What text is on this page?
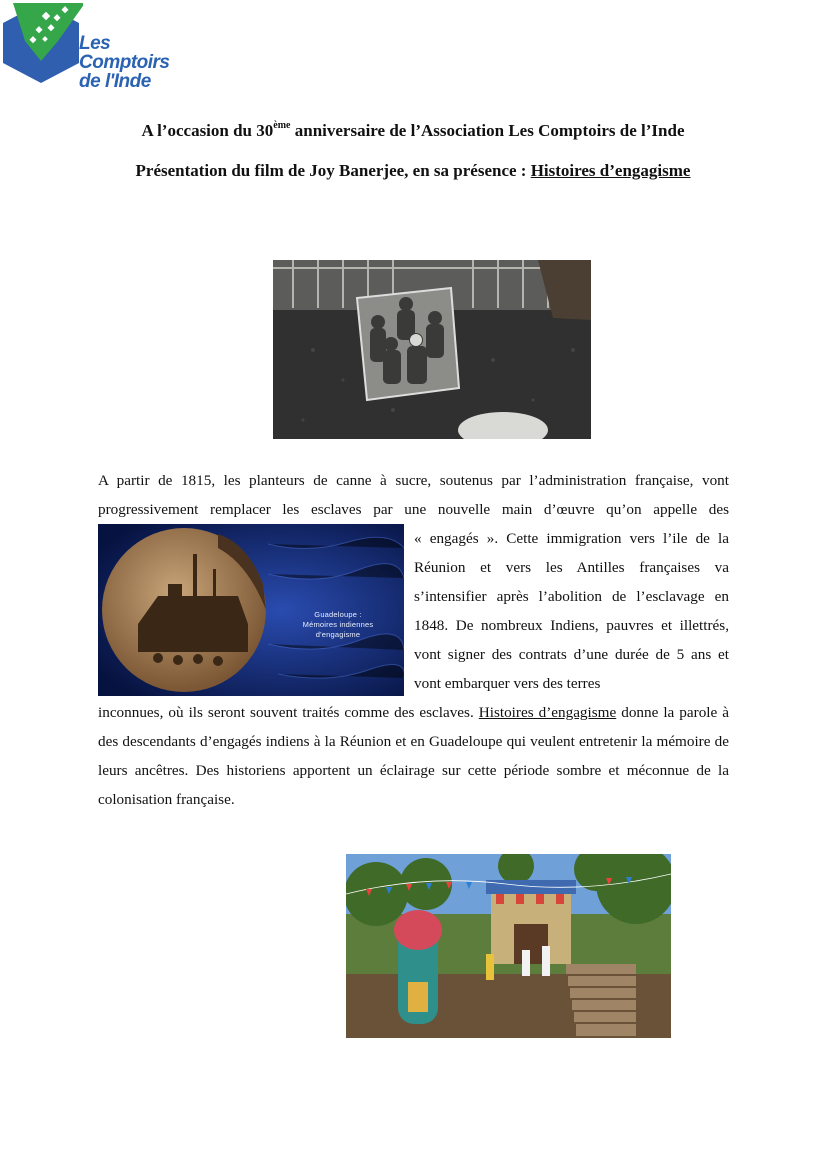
Les Comptoirs
de l'Inde
A l’occasion du 30ème anniversaire de l’Association Les Comptoirs de l’Inde
Présentation du film de Joy Banerjee, en sa présence : Histoires d’engagisme
A partir de 1815, les planteurs de canne à sucre, soutenus par l’administration française, vont
progressivement remplacer les esclaves par une nouvelle main d’œuvre qu’on appelle des
Guadeloupe :
Mémoires indiennes
d'engagisme
« engagés ». Cette immigration vers l’ile de la Réunion et vers les Antilles françaises va s’intensifier après l’abolition de l’esclavage en 1848. De nombreux Indiens, pauvres et illettrés, vont signer des contrats d’une durée de 5 ans et vont embarquer vers des terres
inconnues, où ils seront souvent traités comme des esclaves. Histoires d’engagisme donne la parole à des descendants d’engagés indiens à la Réunion et en Guadeloupe qui veulent entretenir la mémoire de leurs ancêtres. Des historiens apportent un éclairage sur cette période sombre et méconnue de la colonisation française.
